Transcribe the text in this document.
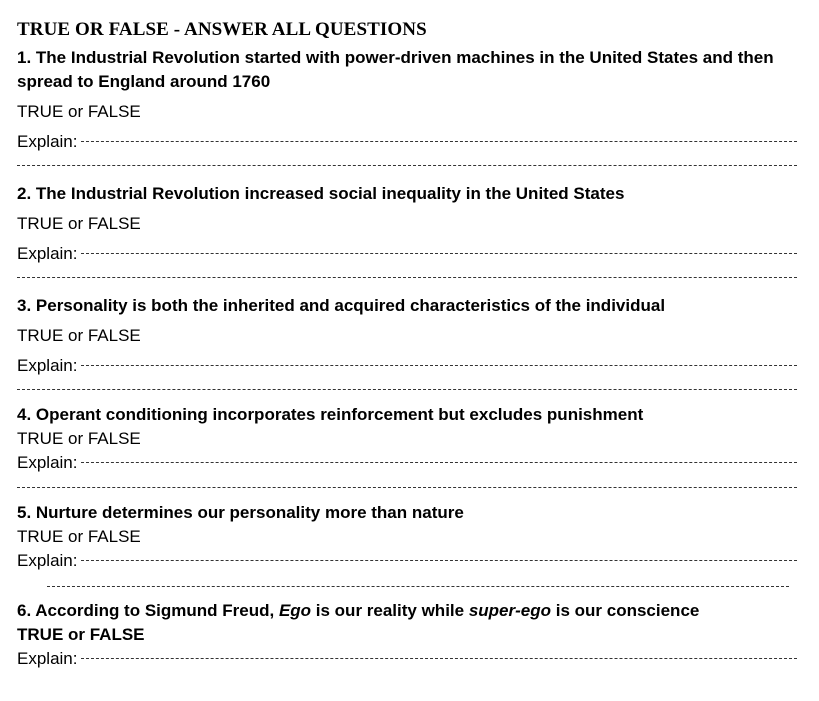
TRUE OR FALSE - ANSWER ALL QUESTIONS
1. The Industrial Revolution started with power-driven machines in the United States and then spread to England around 1760
TRUE or FALSE
Explain:
2. The Industrial Revolution increased social inequality in the United States
TRUE or FALSE
Explain:
3. Personality is both the inherited and acquired characteristics of the individual
TRUE or FALSE
Explain:
4. Operant conditioning incorporates reinforcement but excludes punishment
TRUE or FALSE
Explain:
5. Nurture determines our personality more than nature
TRUE or FALSE
Explain:
6. According to Sigmund Freud, Ego is our reality while super-ego is our conscience
TRUE or FALSE
Explain:
